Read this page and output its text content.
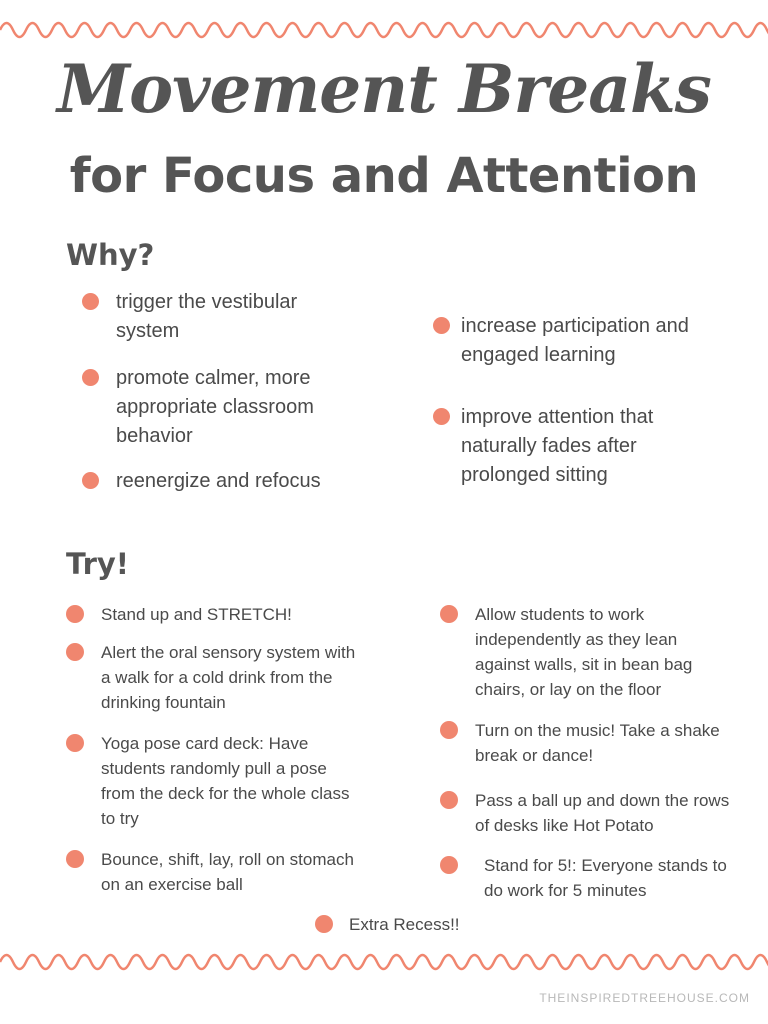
Movement Breaks
for Focus and Attention
Why?
trigger the vestibular system
promote calmer, more appropriate classroom behavior
reenergize and refocus
increase participation and engaged learning
improve attention that naturally fades after prolonged sitting
Try!
Stand up and STRETCH!
Alert the oral sensory system with a walk for a cold drink from the drinking fountain
Yoga pose card deck: Have students randomly pull a pose from the deck for the whole class to try
Bounce, shift, lay, roll on stomach on an exercise ball
Allow students to work independently as they lean against walls, sit in bean bag chairs, or lay on the floor
Turn on the music! Take a shake break or dance!
Pass a ball up and down the rows of desks like Hot Potato
Stand for 5!: Everyone stands to do work for 5 minutes
Extra Recess!!
THEINSPIREDTREEHOUSE.COM
